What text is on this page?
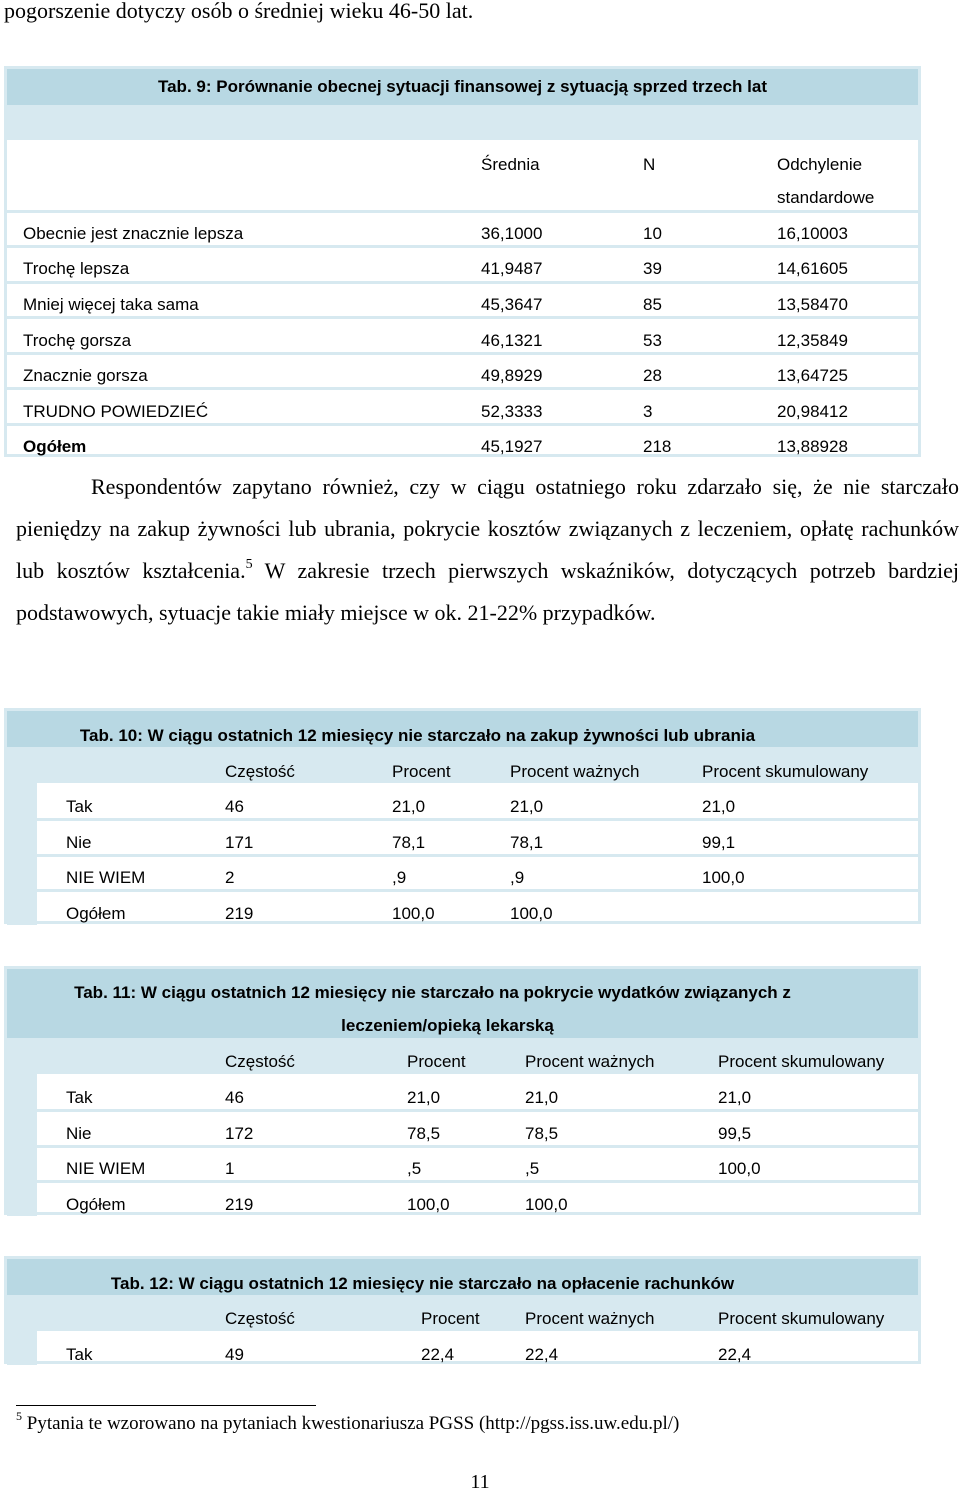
pogorszenie dotyczy osób o średniej wieku 46-50 lat.
Tab. 9: Porównanie obecnej sytuacji finansowej z sytuacją sprzed trzech lat
Średnia	N	Odchylenie
standardowe
Obecnie jest znacznie lepsza	36,1000	10	16,10003
Trochę lepsza	41,9487	39	14,61605
Mniej więcej taka sama	45,3647	85	13,58470
Trochę gorsza	46,1321	53	12,35849
Znacznie gorsza	49,8929	28	13,64725
TRUDNO POWIEDZIEĆ	52,3333	3	20,98412
Ogółem	45,1927	218	13,88928

Respondentów zapytano również, czy w ciągu ostatniego roku zdarzało się, że nie starczało pieniędzy na zakup żywności lub ubrania, pokrycie kosztów związanych z leczeniem, opłatę rachunków lub kosztów kształcenia.$^5$ W zakresie trzech pierwszych wskaźników, dotyczących potrzeb bardziej podstawowych, sytuacje takie miały miejsce w ok. 21-22% przypadków.

Tab. 10: W ciągu ostatnich 12 miesięcy nie starczało na zakup żywności lub ubrania
Częstość	Procent	Procent ważnych	Procent skumulowany
Tak	46	21,0	21,0	21,0
Nie	171	78,1	78,1	99,1
NIE WIEM	2	,9	,9	100,0
Ogółem	219	100,0	100,0
Tab. 11: W ciągu ostatnich 12 miesięcy nie starczało na pokrycie wydatków związanych z
leczeniem/opieką lekarską
Częstość	Procent	Procent ważnych	Procent skumulowany
Tak	46	21,0	21,0	21,0
Nie	172	78,5	78,5	99,5
NIE WIEM	1	,5	,5	100,0
Ogółem	219	100,0	100,0
Tab. 12: W ciągu ostatnich 12 miesięcy nie starczało na opłacenie rachunków
Częstość	Procent	Procent ważnych	Procent skumulowany
Tak	49	22,4	22,4	22,4
$^5$ Pytania te wzorowano na pytaniach kwestionariusza PGSS (http://pgss.iss.uw.edu.pl/)
11
